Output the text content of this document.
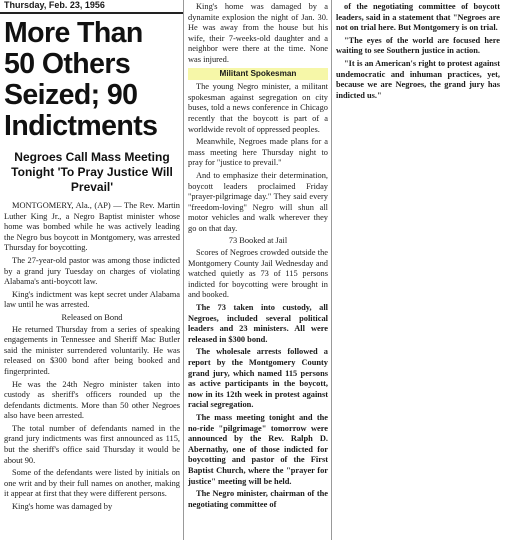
Thursday, Feb. 23, 1956
More Than 50 Others Seized; 90 Indictments
Negroes Call Mass Meeting Tonight 'To Pray Justice Will Prevail'

MONTGOMERY, Ala., (AP) — The Rev. Martin Luther King Jr., a Negro Baptist minister whose home was bombed while he was actively leading the Negro bus boycott in Montgomery, was arrested Thursday for boycotting.

The 27-year-old pastor was among those indicted by a grand jury Tuesday on charges of violating Alabama's anti-boycott law.

King's indictment was kept secret under Alabama law until he was arrested.

Released on Bond

He returned Thursday from a series of speaking engagements in Tennessee and Sheriff Mac Butler said the minister surrendered voluntarily. He was released on $300 bond after being booked and fingerprinted.

He was the 24th Negro minister taken into custody as sheriff's officers rounded up the defendants dictments. More than 50 other Negroes also have been arrested.

The total number of defendants named in the grand jury indictments was first announced as 115, but the sheriff's office said Thursday it would be about 90.

Some of the defendants were listed by initials on one writ and by their full names on another, making it appear at first that they were different persons.

King's home was damaged by

King's home was damaged by a dynamite explosion the night of Jan. 30. He was away from the house but his wife, their 7-weeks-old daughter and a neighbor were there at the time. None was injured.

Militant Spokesman

The young Negro minister, a militant spokesman against segregation on city buses, told a news conference in Chicago recently that the boycott is part of a worldwide revolt of oppressed peoples.

Meanwhile, Negroes made plans for a mass meeting here Thursday night to pray for "justice to prevail."

And to emphasize their determination, boycott leaders proclaimed Friday "prayer-pilgrimage day." They said every "freedom-loving" Negro will shun all motor vehicles and walk wherever they go on that day.

73 Booked at Jail

Scores of Negroes crowded outside the Montgomery County Jail Wednesday and watched quietly as 73 of 115 persons indicted for boycotting were brought in and booked.

The 73 taken into custody, all Negroes, included several political leaders and 23 ministers. All were released in $300 bond.

The wholesale arrests followed a report by the Montgomery County grand jury, which named 115 persons as active participants in the boycott, now in its 12th week in protest against racial segregation.

The mass meeting tonight and the no-ride "pilgrimage" tomorrow were announced by the Rev. Ralph D. Abernathy, one of those indicted for boycotting and pastor of the First Baptist Church, where the "prayer for justice" meeting will be held.

The Negro minister, chairman of the negotiating committee of

of the negotiating committee of boycott leaders, said in a statement that "Negroes are not on trial here. But Montgomery is on trial.

"The eyes of the world are focused here waiting to see Southern justice in action.

"It is an American's right to protest against undemocratic and inhuman practices, yet, because we are Negroes, the grand jury has indicted us."
